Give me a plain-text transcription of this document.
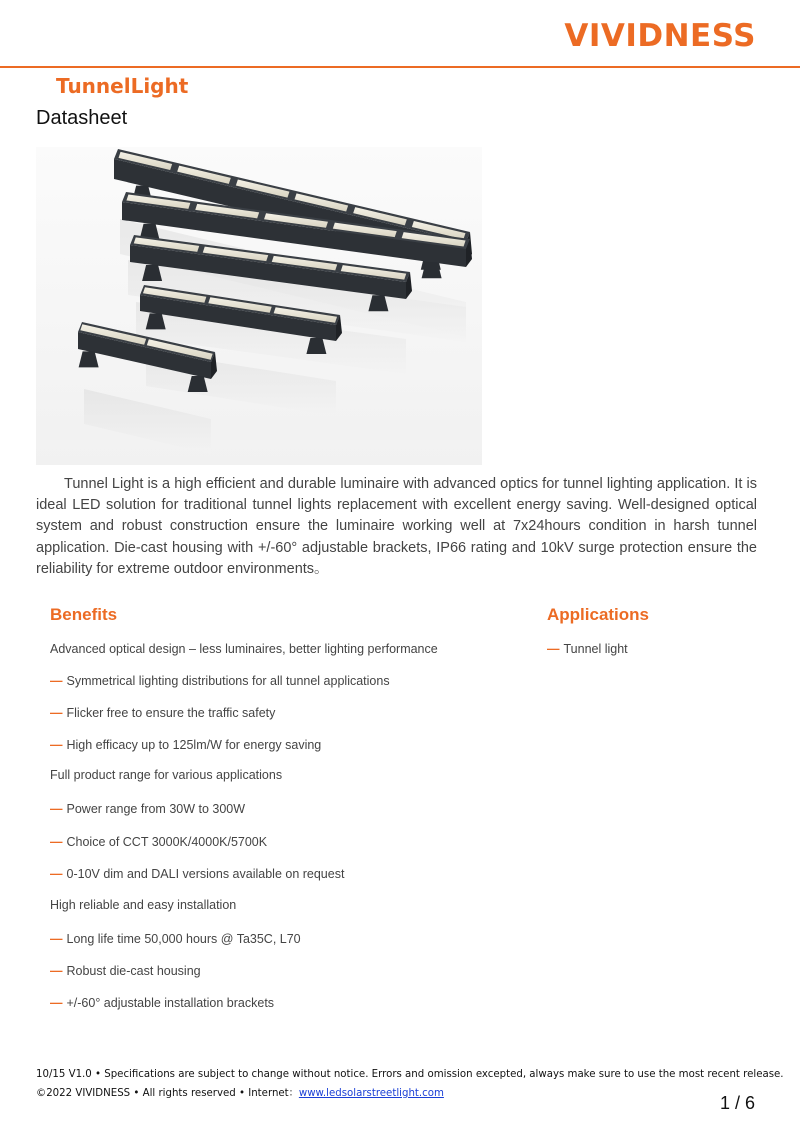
VIVIDNESS
TunnelLight
Datasheet

Tunnel Light is a high efficient and durable luminaire with advanced optics for tunnel lighting application. It is ideal LED solution for traditional tunnel lights replacement with excellent energy saving. Well-designed optical system and robust construction ensure the luminaire working well at 7x24hours condition in harsh tunnel application. Die-cast housing with +/-60° adjustable brackets, IP66 rating and 10kV surge protection ensure the reliability for extreme outdoor environments。

Benefits
Advanced optical design – less luminaires, better lighting performance
— Symmetrical lighting distributions for all tunnel applications
— Flicker free to ensure the traffic safety
— High efficacy up to 125lm/W for energy saving
Full product range for various applications
— Power range from 30W to 300W
— Choice of CCT 3000K/4000K/5700K
— 0-10V dim and DALI versions available on request
High reliable and easy installation
— Long life time 50,000 hours @ Ta35C, L70
— Robust die-cast housing
— +/-60° adjustable installation brackets
Applications
— Tunnel light
10/15 V1.0 • Specifications are subject to change without notice. Errors and omission excepted, always make sure to use the most recent release.
©2022 VIVIDNESS • All rights reserved • Internet：www.ledsolarstreetlight.com	1 / 6
